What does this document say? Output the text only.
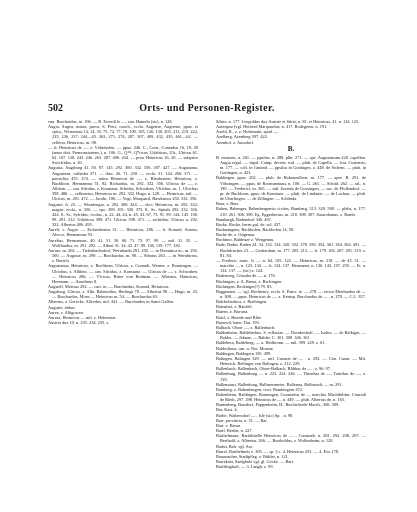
502	Orts- und Personen-Register.

van. Burchardus, m. 196. — B. Ewerdi le —, can. Hameln (sic), n. 128.

Augia, Augea, minor, parva, S. Petri, conch., eccla. Augense, Augiense, ppus. et cpitu., Weissenau 14, 14, 35, 75, 72, 77, 78, 100, 105, 126, 130, 205, 213, 219, 222, 235, 236, 237, 244—45. 263, 271, 274, 287. 307, 409, 432, 435, 461—62. — cellerar. Heinricus, m. 98.

— fr. Heinricus de —, z. Völmhofen. — ppus. 246. C., Conr., Conradus 16, 19, 30 (anno obit. Premonstratens.), n. 106. G., Q™, Q*ricus, Udalricus, Ulr., Ulricus 61. 62. 107. 128. 243. 246. 263. 287. 406. 434. — prior Heinricus 16, 20. — subprior Swicfridus, n. 20.

Augusta, Augsburg 41. 50. 97. 145. 292. 300. 332. 356. 387. 427. — Augustana, Augustens. cathedra 371. — dioc. 26. 71. 250. — eccla. 31. 144. 266. 371. — parrochia 455. 474. — mitra Heinricus de —, z. Blaubeuren. Heinricus, z. Buchhorn. Hermannus 51. 82. Richardus, m. 292. 332. 356. Ulricus de —, z. Alblein. — can. Sifridus, z. Konstanz. Sifridus, Schwaben. Vlrichus, m. 1. Ulrichus 398. 486. — cellerarius, Heinricus m. 292. 332. Hugo, n. 128. — Heinricus, mil. — Ulricus, m. 281. 472. — Jacobi, 100. — Vogt, Marquard, Hawksmor 292. 332. 356.

Auguste, fr. 23. — Wornlengio, n. 292. 300. 424. — dcci. Heinricus, m. 292. 332; magist. eccla., n. 356. — cpo. 299. 291. 330. 373. 8., Sr., Spitals 292. 332. 356. 424. 8., Sr., Syfridus, vicdus., n. 22. 44, 44, n. 45, 43. 67, 73. 91. 99. 144. 145. 100. 99. 291. 312. Udalricus 398. 471. Ulricus 398. 471. — archidiac. Ulricus n. 292. 332. Albertus 486. 493.

Aureli, v. Augia. — Erchenbertus 31. — Heinricus, 286. — fr. Konrad, Aureus, Alecco, Hermannus 93.

Aurelius, Hermannus, 40. 41. 51. 56. 60. 71. 73. 97. 99. — mil. 31. 35. — Wolfhardus, m. 291. 292. — Albert 31. 34. 42. 47. 99. 138, 139. 177. 182.

Aurino, m. 202. — Tiefenbachsdorf, Wernhardo 291. 292. — in Dominica in., m. 292. 300. — Auguste, m. 299. — Burchardus, m. 98. — Sibotus 263. — in Wernhirrus, z. Burach.

Augustanus, Heinricus, z. Buchhorn, Ulricus, z. Conradi, Werner, z. Ronningen. — Ulrichus, z. Alblein. — can. Sifridus, z. Konstanz. — Ulricus de —, z. Schwaben. — Heinricus 286, — Vlcicus, Ritter von Bodman. — Albertus, Hainricus, Hermann. — Anselmus 8.

Augstell, Mestrus 292. — curt. in —, Burchardus, Konrad, Heinricus.

Augsburg, Ulricus, z. Albr. Rabenoltus, Herlings 78. — Albertus 98. — Hugo, m. 23. — Burchardus, Mons — Heinricus m. 54. — Burchardus 63.

Albertus, z. Gerecke, Alfredus, mil. 441. — Burchardus in Sanct Gallen.

Auguste, abbas.

Aurea, z. Alhgowen.

Aurora, Heinricus — mil. z. Hohenstat.

Austria dux 10, n. 235. 234. 235. z.

Sibrie, n. 177. Leopoldus dux Austrie et Stirie, n. 81. et Heinricus, 41. n. 124. 125.

Autenpoz (vgl. Herberd Marquardus, n. 417. Rodegerus, n. 191.

Axeld, R., z. z. Hohenrain, spud —.

Azelberg, Azenberg 397. 422.

Azenhof, z. Aussdorf.

B.

B. monoen, n. 201. — ppsilus, n. 288. plbr. 271. — spe. Augustanum 420. capellan. Augia regul. — dapif. Camp. decens. mil. — plub. de Capella. — frat. Curiensis, m. 177. — coll. in Gmünd. — ppsilus in Gottingen, z. 448. de Sichem. — plub. in Gottingen, n. 423.

Bablingen, ppus. 202. — plub. de Hohenzollern, m. 177. — apse. B. 291. de Vöhringen. — ppus. de Rortmannsau, n. 100. — G. 261. — Sifritd. 262. — tal., n. 190. — Frederici, m. 265. — mil. Juvenis de Gossingen, — sac. de Pfullendorf. — pr. de Buchhorn, ppus. de Konstanz. — plub. de Lindauie. — de Lochau, — plub. de Uberlingen. — de Zillingen. — Schlinda.

Baar, v. Bars.

Baben, Babenger, Babenbergensis civitas, Bamberg, 313. 329. 500. — plebs, n. 177. 210. 261. 306. 390. Eg. Eggerbertus, m. 218. 308. 307. Sararobanus, z. Bamb.

Bambergk, Badendorf 346. 467.

Backe, Rocke, herrn gul. de. sol. 437.

Backnangens, Backhofen, Backhofen 14, 58.

Bache de, z. Ongenau.

Bachimo, Baldeuze z. Wengenau.

Bade, Badin, Baden 24. 34. 132. 134. 320. 332. 378. 350. 354. 361. 364. 364. 491. — Buchdrucker 23. — Gerhardum, m. 177. 205. 213. — fr. 179. 182. 207. 291. 319. z. 81. 84.

— Frederic, marc. fr. — n. 64, 105, 122. — Heinricus, m. 218. — de 43. 31. — marchio — n. 123. 134. — fr. 134. 137. Hermanni, n. 136. 143. 197. 259. — Fr. n. 134. 137. — (sic) z. 124.

Badenweg, Cössaba de —, n. 176.

Bächingen, z. A. Brenz, z. Bechingen.

Bächingen, Beckinger(?) 79. 83.

Baggenanz. — vgl. Bechtenry, eccla. S. Pancr. ie. — 278. — rector Eberhardus de — n. 308. — ppus. Heinricus de —, z. Kentsp. Burchardus de — , n. 278. — C.L. 357.

Balcholnobica, z. Boehingen.

Baienfart, z. Bairfelt.

Baiern, z. Bavaria.

Baisl, z. Biseale und Blüe.

Baiarwil, baier. Dat. 193.

Balbach, Oborr —, z. Ballenbach.

Baldenheim, Baldeberhus, S. ecllasiae. — Dornkesholf, — Isalirs, — de Balkiger, — Balder, — Jeknae, — Balder. C. 301. 308. 346. 361.

Baldebera, Baldeberg, — u. Heilbronn, — mil. 399. 229. z. 61.

Baldeslinus, can. n. Nor. Mousat.

Baldingen, Baldegern 150. 499.

Balingen, Baliugen 329. — mil. Cuonrat de — , n. 292. — Clar. Cuonr. — Mil. Heinrich, Bellinger von Balingen, z. 212. 229.

Ballenbach, Ballenbach, Oborr-Balbach, Blibbac de — , z. 96. 97.

Ballenburg, Ballenburg — n. 223. 224. 246. — Thinehar de —, Tonrihor de —, z. 139.

Ballensaurt, Ballenburg, Ballmestmeier, Ballenau, Ballnstedt, — m. 291.

Bamberg, z. Babenbergen, civit. Bambergern 472.

Baltenheim, Baldingen, Bonningen, Cuonradus de — marchio Machthildae, Conradi de Rieth, 297. 298. Heinricus de — n. 449. — plub. Albertus de, n. 165.

Bantenberg, Barsdorf, Pappenheim, H., Reichsfriede Marsh., 306. 309.

Bar, Kast. 4.

Barbe, Waibersdorf — , Isle (sic) Sp. , n. 98.

Barr. provincia, n. 51. — Bar.

Bart, v. Beron.

Bartl, Berthe, n. 227.

Barthelmann, Barfalinelle Heinricus de — , Cuonradi, n. 281. 292. 208, 207. — Berthold, z. Albertus, 266. — Bortholdus, z. Wolfenheim, n. 120.

Barhn, Balr. vgl. Arz.

Barrel, Barthelmeis e. 305. — sp. 3 c. 4, Heinricus 291. — 4. Evo 178.

Bassmacher, Stadtpfleg. z. Bühler, n. 121.

Barrekaia, Saelgholz vgl. gl. Gocke. — Bart.

Barfilinghoff, — 3. Langh. z. 99.
